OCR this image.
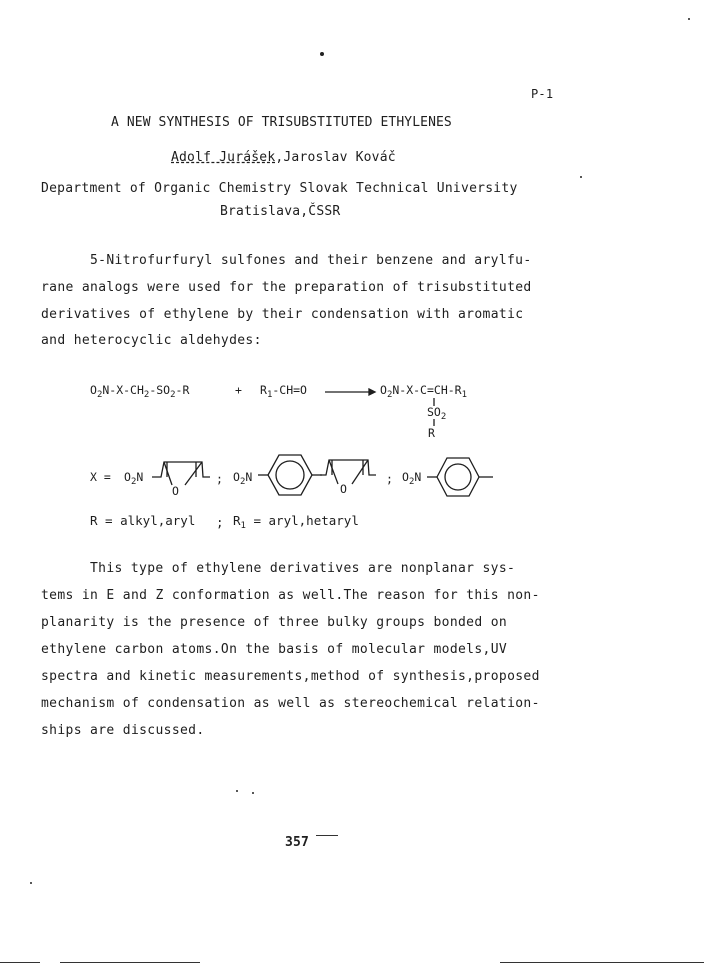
P-1
A NEW SYNTHESIS OF TRISUBSTITUTED ETHYLENES
Adolf Jurášek,Jaroslav Kováč
Department of Organic Chemistry Slovak Technical University
Bratislava,ČSSR
5-Nitrofurfuryl sulfones and their benzene and arylfu-
rane analogs were used for the preparation of trisubstituted
derivatives of ethylene by their condensation with aromatic
and heterocyclic aldehydes:
$O_2N-X-CH_2-SO_2-R$	+ $R_1-CH=O \to O_2N-X-C=CH-R_1$
$SO_2$
R
$X = O_2N$
O
; $O_2N$
O
; $O_2N$
R = alkyl,aryl ; $R_1$ = aryl,hetaryl
This type of ethylene derivatives are nonplanar sys-
tems in E and Z conformation as well.The reason for this non-
planarity is the presence of three bulky groups bonded on
ethylene carbon atoms.On the basis of molecular models,UV
spectra and kinetic measurements,method of synthesis,proposed
mechanism of condensation as well as stereochemical relation-
ships are discussed.
357
